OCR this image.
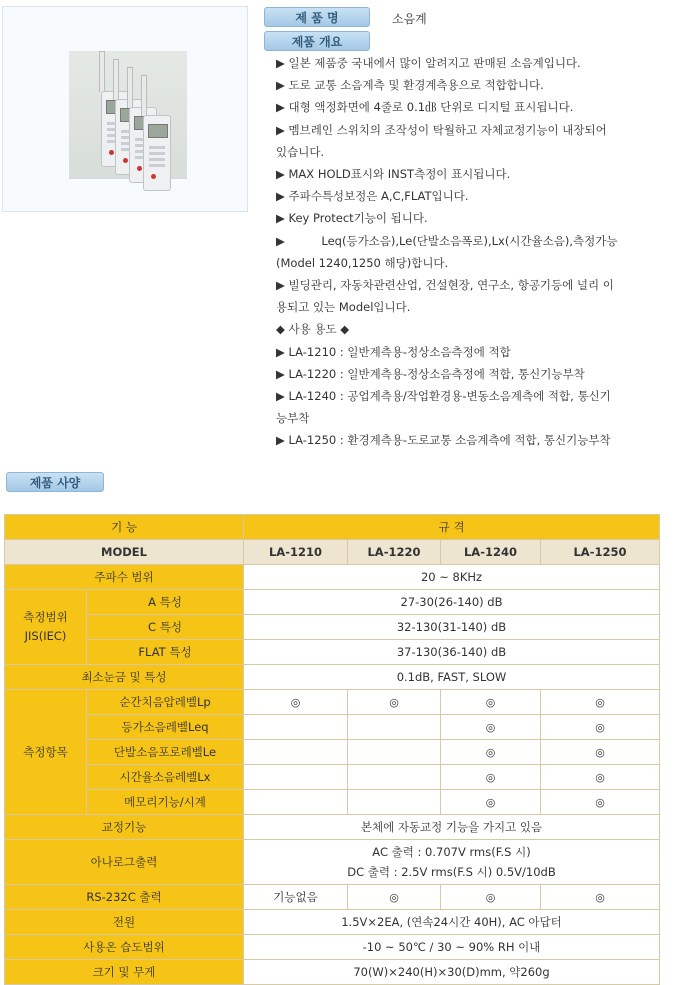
제 품 명	소음계
제품 개요

▶ 일본 제품중 국내에서 많이 알려지고 판매된 소음계입니다.

▶ 도로 교통 소음계측 및 환경계측용으로 적합합니다.

▶ 대형 액정화면에 4줄로 0.1㏈ 단위로 디지털 표시됩니다.

▶ 멤브레인 스위치의 조작성이 탁월하고 자체교정기능이 내장되어

있습니다.

▶ MAX HOLD표시와 INST측정이 표시됩니다.

▶ 주파수특성보정은 A,C,FLAT입니다.

▶ Key Protect기능이 됩니다.

▶          Leq(등가소음),Le(단발소음폭로),Lx(시간율소음),측정가능

(Model 1240,1250 해당)합니다.

▶ 빌딩관리, 자동차관련산업, 건설현장, 연구소, 항공기등에 널리 이

용되고 있는 Model입니다.

◆ 사용 용도 ◆

▶ LA-1210 : 일반계측용-정상소음측정에 적합

▶ LA-1220 : 일반계측용-정상소음측정에 적합, 통신기능부착

▶ LA-1240 : 공업계측용/작업환경용-변동소음계측에 적합, 통신기

능부착

▶ LA-1250 : 환경계측용-도로교통 소음계측에 적합, 통신기능부착

제품 사양
기 능		규 격			
MODEL		LA-1210	LA-1220	LA-1240	LA-1250
주파수 범위		20 ~ 8KHz			
측정범위
JIS(IEC)	A 특성	27-30(26-140) dB			
	C 특성	32-130(31-140) dB			
	FLAT 특성	37-130(36-140) dB			
최소눈금 및 특성		0.1dB, FAST, SLOW			
측정항목	순간치음압레벨Lp	◎	◎	◎	◎
	등가소음레벨Leq			◎	◎
	단발소음포로레벨Le			◎	◎
	시간율소음레벨Lx			◎	◎
	메모리기능/시계			◎	◎
교정기능		본체에 자동교정 기능을 가지고 있음			
아나로그출력		AC 출력 : 0.707V rms(F.S 시)
DC 출력 : 2.5V rms(F.S 시) 0.5V/10dB			

RS-232C 출력		기능없음	◎	◎	◎
전원		1.5V×2EA, (연속24시간 40H), AC 아답터			
사용온 습도범위		-10 ~ 50℃ / 30 ~ 90% RH 이내			
크기 및 무게		70(W)×240(H)×30(D)mm, 약260g			
